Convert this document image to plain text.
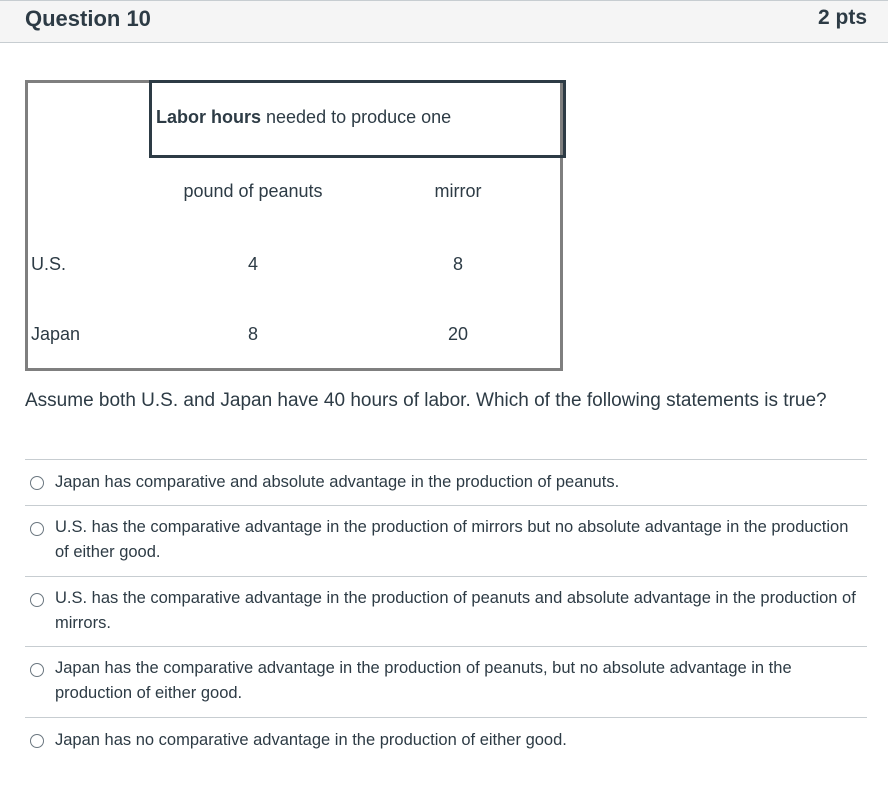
Question 10	2 pts
Labor hours needed to produce one
pound of peanuts	mirror
U.S.	4	8
Japan	8	20
Assume both U.S. and Japan have 40 hours of labor. Which of the following statements is true?
Japan has comparative and absolute advantage in the production of peanuts.
U.S. has the comparative advantage in the production of mirrors but no absolute advantage in the production of either good.
U.S. has the comparative advantage in the production of peanuts and absolute advantage in the production of mirrors.
Japan has the comparative advantage in the production of peanuts, but no absolute advantage in the production of either good.
Japan has no comparative advantage in the production of either good.
